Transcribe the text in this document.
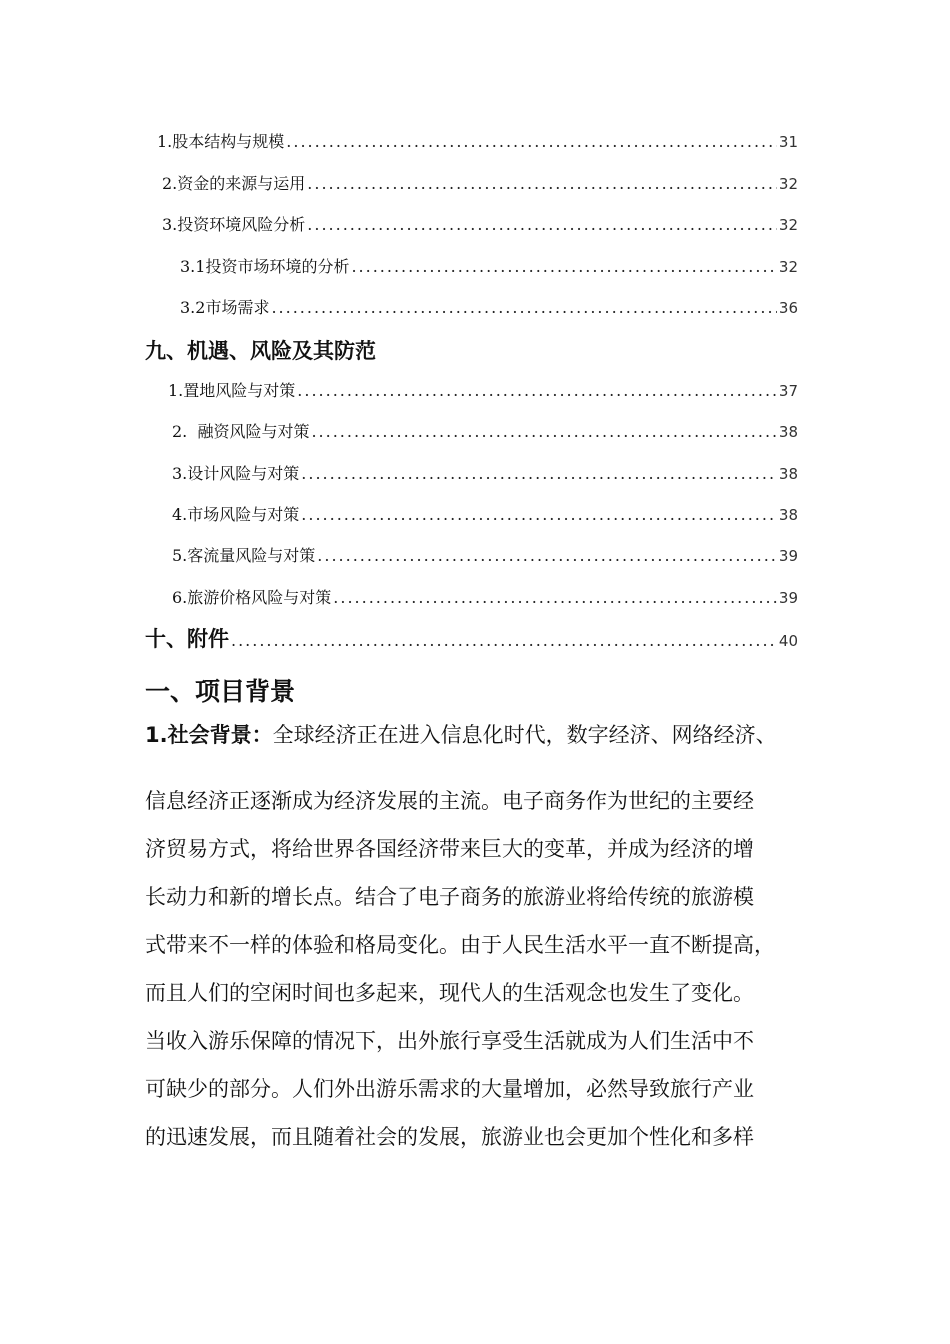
1.股本结构与规模 .....	31
2.资金的来源与运用 .....	32
3.投资环境风险分析 .....	32
3.1投资市场环境的分析 .....	32
3.2市场需求 .....	36
九、机遇、风险及其防范
1.置地风险与对策 .....	37
2.  融资风险与对策 .....	38
3.设计风险与对策 .....	38
4.市场风险与对策 .....	38
5.客流量风险与对策 .....	39
6.旅游价格风险与对策 .....	39
十、附件 .....	40
一、项目背景
1.社会背景：全球经济正在进入信息化时代，数字经济、网络经济、
信息经济正逐渐成为经济发展的主流。电子商务作为世纪的主要经
济贸易方式，将给世界各国经济带来巨大的变革，并成为经济的增
长动力和新的增长点。结合了电子商务的旅游业将给传统的旅游模
式带来不一样的体验和格局变化。由于人民生活水平一直不断提高，
而且人们的空闲时间也多起来，现代人的生活观念也发生了变化。
当收入游乐保障的情况下，出外旅行享受生活就成为人们生活中不
可缺少的部分。人们外出游乐需求的大量增加，必然导致旅行产业
的迅速发展，而且随着社会的发展，旅游业也会更加个性化和多样
